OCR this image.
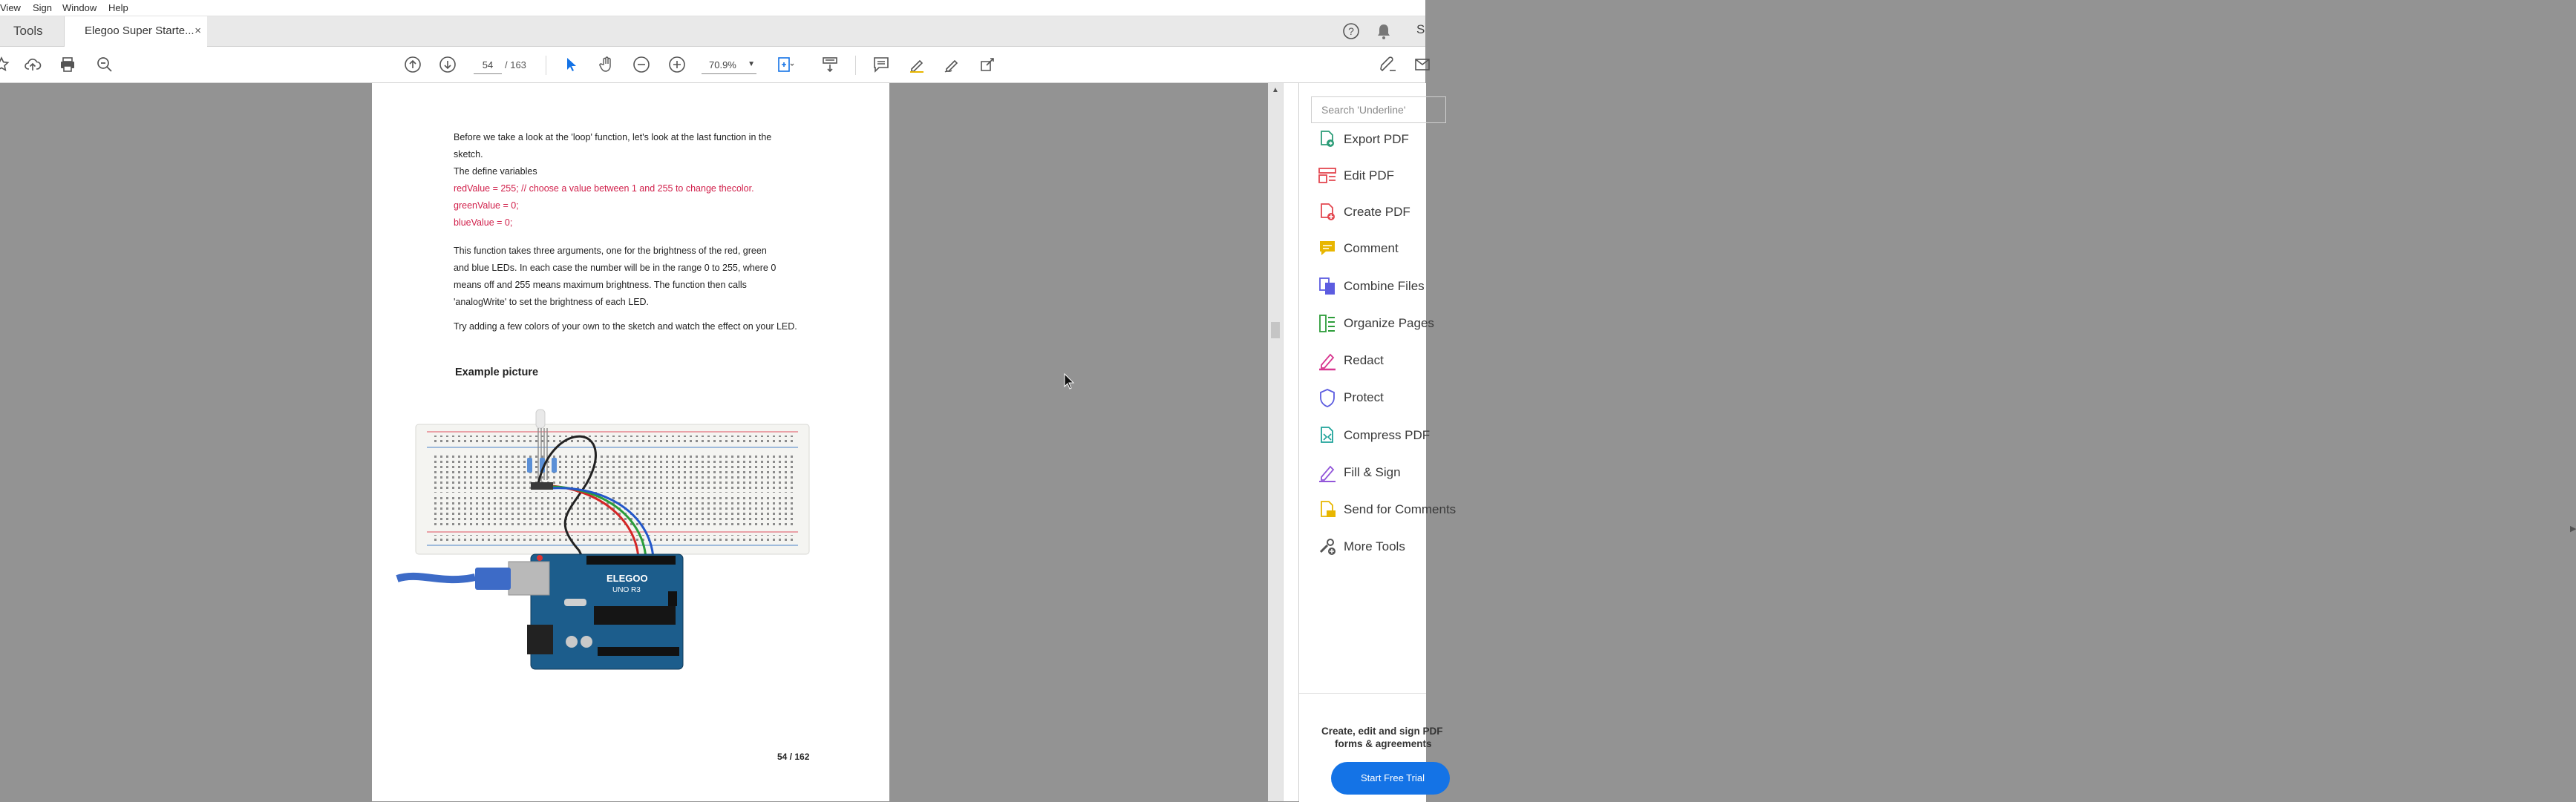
View Sign Window Help
Tools	Elegoo Super Starte... ×	?	S
54	/ 163	70.9% ▼
Before we take a look at the 'loop' function, let's look at the last function in the
sketch.
The define variables
redValue = 255; // choose a value between 1 and 255 to change thecolor.
greenValue = 0;
blueValue = 0;
This function takes three arguments, one for the brightness of the red, green
and blue LEDs. In each case the number will be in the range 0 to 255, where 0
means off and 255 means maximum brightness. The function then calls
'analogWrite' to set the brightness of each LED.
Try adding a few colors of your own to the sketch and watch the effect on your LED.
Example picture
ELEGOO
UNO R3
54 / 162
▲
▶
Search 'Underline'
Export PDF
Edit PDF
Create PDF
Comment
Combine Files
Organize Pages
Redact
Protect
Compress PDF
Fill & Sign
Send for Comments
More Tools
Create, edit and sign PDF
forms & agreements
Start Free Trial
